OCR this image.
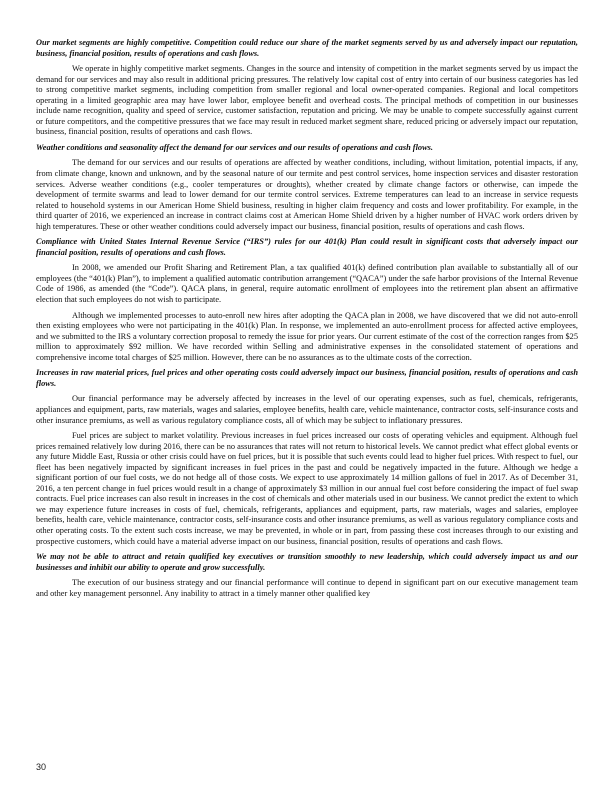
Our market segments are highly competitive. Competition could reduce our share of the market segments served by us and adversely impact our reputation, business, financial position, results of operations and cash flows.

We operate in highly competitive market segments. Changes in the source and intensity of competition in the market segments served by us impact the demand for our services and may also result in additional pricing pressures. The relatively low capital cost of entry into certain of our business categories has led to strong competitive market segments, including competition from smaller regional and local owner-operated companies. Regional and local competitors operating in a limited geographic area may have lower labor, employee benefit and overhead costs. The principal methods of competition in our businesses include name recognition, quality and speed of service, customer satisfaction, reputation and pricing. We may be unable to compete successfully against current or future competitors, and the competitive pressures that we face may result in reduced market segment share, reduced pricing or adversely impact our reputation, business, financial position, results of operations and cash flows.

Weather conditions and seasonality affect the demand for our services and our results of operations and cash flows.

The demand for our services and our results of operations are affected by weather conditions, including, without limitation, potential impacts, if any, from climate change, known and unknown, and by the seasonal nature of our termite and pest control services, home inspection services and disaster restoration services. Adverse weather conditions (e.g., cooler temperatures or droughts), whether created by climate change factors or otherwise, can impede the development of termite swarms and lead to lower demand for our termite control services. Extreme temperatures can lead to an increase in service requests related to household systems in our American Home Shield business, resulting in higher claim frequency and costs and lower profitability. For example, in the third quarter of 2016, we experienced an increase in contract claims cost at American Home Shield driven by a higher number of HVAC work orders driven by high temperatures. These or other weather conditions could adversely impact our business, financial position, results of operations and cash flows.

Compliance with United States Internal Revenue Service (“IRS”) rules for our 401(k) Plan could result in significant costs that adversely impact our financial position, results of operations and cash flows.

In 2008, we amended our Profit Sharing and Retirement Plan, a tax qualified 401(k) defined contribution plan available to substantially all of our employees (the “401(k) Plan”), to implement a qualified automatic contribution arrangement (“QACA”) under the safe harbor provisions of the Internal Revenue Code of 1986, as amended (the “Code”). QACA plans, in general, require automatic enrollment of employees into the retirement plan absent an affirmative election that such employees do not wish to participate.

Although we implemented processes to auto-enroll new hires after adopting the QACA plan in 2008, we have discovered that we did not auto-enroll then existing employees who were not participating in the 401(k) Plan. In response, we implemented an auto-enrollment process for affected active employees, and we submitted to the IRS a voluntary correction proposal to remedy the issue for prior years. Our current estimate of the cost of the correction ranges from $25 million to approximately $92 million. We have recorded within Selling and administrative expenses in the consolidated statement of operations and comprehensive income total charges of $25 million. However, there can be no assurances as to the ultimate costs of the correction.

Increases in raw material prices, fuel prices and other operating costs could adversely impact our business, financial position, results of operations and cash flows.

Our financial performance may be adversely affected by increases in the level of our operating expenses, such as fuel, chemicals, refrigerants, appliances and equipment, parts, raw materials, wages and salaries, employee benefits, health care, vehicle maintenance, contractor costs, self-insurance costs and other insurance premiums, as well as various regulatory compliance costs, all of which may be subject to inflationary pressures.

Fuel prices are subject to market volatility. Previous increases in fuel prices increased our costs of operating vehicles and equipment. Although fuel prices remained relatively low during 2016, there can be no assurances that rates will not return to historical levels. We cannot predict what effect global events or any future Middle East, Russia or other crisis could have on fuel prices, but it is possible that such events could lead to higher fuel prices. With respect to fuel, our fleet has been negatively impacted by significant increases in fuel prices in the past and could be negatively impacted in the future. Although we hedge a significant portion of our fuel costs, we do not hedge all of those costs. We expect to use approximately 14 million gallons of fuel in 2017. As of December 31, 2016, a ten percent change in fuel prices would result in a change of approximately $3 million in our annual fuel cost before considering the impact of fuel swap contracts. Fuel price increases can also result in increases in the cost of chemicals and other materials used in our business. We cannot predict the extent to which we may experience future increases in costs of fuel, chemicals, refrigerants, appliances and equipment, parts, raw materials, wages and salaries, employee benefits, health care, vehicle maintenance, contractor costs, self-insurance costs and other insurance premiums, as well as various regulatory compliance costs and other operating costs. To the extent such costs increase, we may be prevented, in whole or in part, from passing these cost increases through to our existing and prospective customers, which could have a material adverse impact on our business, financial position, results of operations and cash flows.

We may not be able to attract and retain qualified key executives or transition smoothly to new leadership, which could adversely impact us and our businesses and inhibit our ability to operate and grow successfully.

The execution of our business strategy and our financial performance will continue to depend in significant part on our executive management team and other key management personnel. Any inability to attract in a timely manner other qualified key

30
